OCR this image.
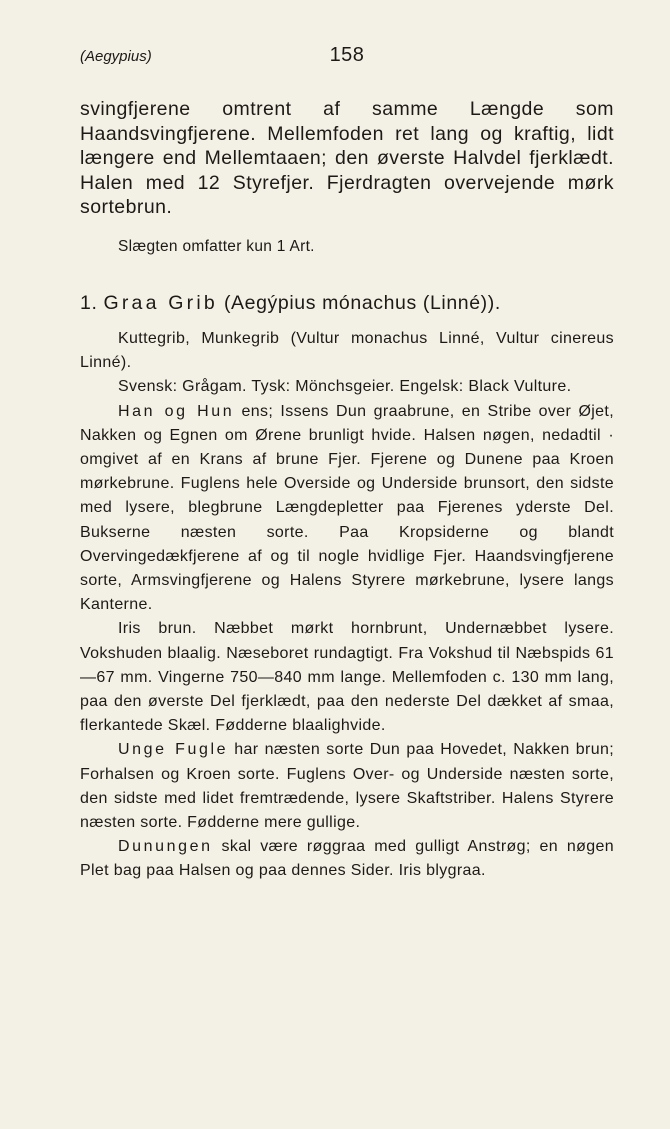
(Aegypius)	158

svingfjerene omtrent af samme Længde som Haandsvingfjerene. Mellemfoden ret lang og kraftig, lidt længere end Mellemtaaen; den øverste Halvdel fjerklædt. Halen med 12 Styrefjer. Fjerdragten overvejende mørk sortebrun.

Slægten omfatter kun 1 Art.
1. Graa Grib (Aegýpius mónachus (Linné)).

Kuttegrib, Munkegrib (Vultur monachus Linné, Vultur cinereus Linné).

Svensk: Grågam. Tysk: Mönchsgeier. Engelsk: Black Vulture.

Han og Hun ens; Issens Dun graabrune, en Stribe over Øjet, Nakken og Egnen om Ørene brunligt hvide. Halsen nøgen, nedadtil · omgivet af en Krans af brune Fjer. Fjerene og Dunene paa Kroen mørkebrune. Fuglens hele Overside og Underside brunsort, den sidste med lysere, blegbrune Længdepletter paa Fjerenes yderste Del. Bukserne næsten sorte. Paa Kropsiderne og blandt Overvingedækfjerene af og til nogle hvidlige Fjer. Haandsvingfjerene sorte, Armsvingfjerene og Halens Styrere mørkebrune, lysere langs Kanterne.

Iris brun. Næbbet mørkt hornbrunt, Undernæbbet lysere. Vokshuden blaalig. Næseboret rundagtigt. Fra Vokshud til Næbspids 61—67 mm. Vingerne 750—840 mm lange. Mellemfoden c. 130 mm lang, paa den øverste Del fjerklædt, paa den nederste Del dækket af smaa, flerkantede Skæl. Fødderne blaalighvide.

Unge Fugle har næsten sorte Dun paa Hovedet, Nakken brun; Forhalsen og Kroen sorte. Fuglens Over- og Underside næsten sorte, den sidste med lidet fremtrædende, lysere Skaftstriber. Halens Styrere næsten sorte. Fødderne mere gullige.

Dunungen skal være røggraa med gulligt Anstrøg; en nøgen Plet bag paa Halsen og paa dennes Sider. Iris blygraa.
